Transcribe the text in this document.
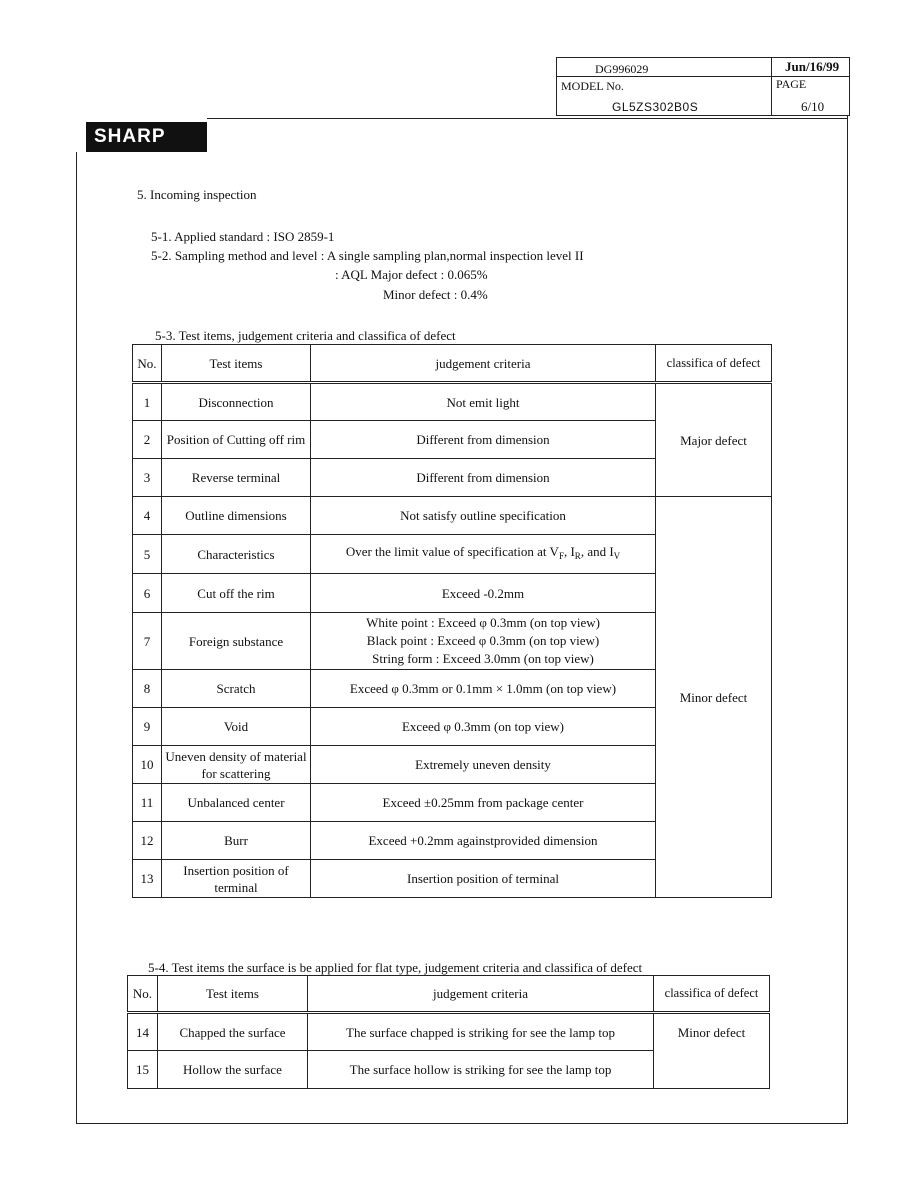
DG996029	Jun/16/99
MODEL No.	PAGE
GL5ZS302B0S	6/10
SHARP
5. Incoming inspection
5-1. Applied standard : ISO 2859-1
5-2. Sampling method and level : A single sampling plan,normal inspection level II
: AQL Major defect : 0.065%
Minor defect : 0.4%
5-3. Test items, judgement criteria and classifica of defect
No.	Test items	judgement criteria	classifica of defect
1	Disconnection	Not emit light	Major defect
2	Position of Cutting off rim	Different from dimension	
3	Reverse terminal	Different from dimension	
4	Outline dimensions	Not satisfy outline specification	Minor defect
5	Characteristics	Over the limit value of specification at $V_F$, $I_R$, and $I_V$
6	Cut off the rim	Exceed -0.2mm	
7	Foreign substance	White point : Exceed φ 0.3mm (on top view)
Black point : Exceed φ 0.3mm (on top view)
String form : Exceed 3.0mm (on top view)	

8	Scratch	Exceed φ 0.3mm or 0.1mm × 1.0mm (on top view)	
9	Void	Exceed φ 0.3mm (on top view)	
10	Uneven density of material for scattering	Extremely uneven density	
11	Unbalanced center	Exceed ±0.25mm from package center	
12	Burr	Exceed +0.2mm againstprovided dimension	
13	Insertion position of terminal	Insertion position of terminal	
5-4. Test items the surface is be applied for flat type, judgement criteria and classifica of defect
No.	Test items	judgement criteria	classifica of defect
14	Chapped the surface	The surface chapped is striking for see the lamp top	Minor defect
15	Hollow the surface	The surface hollow is striking for see the lamp top	
